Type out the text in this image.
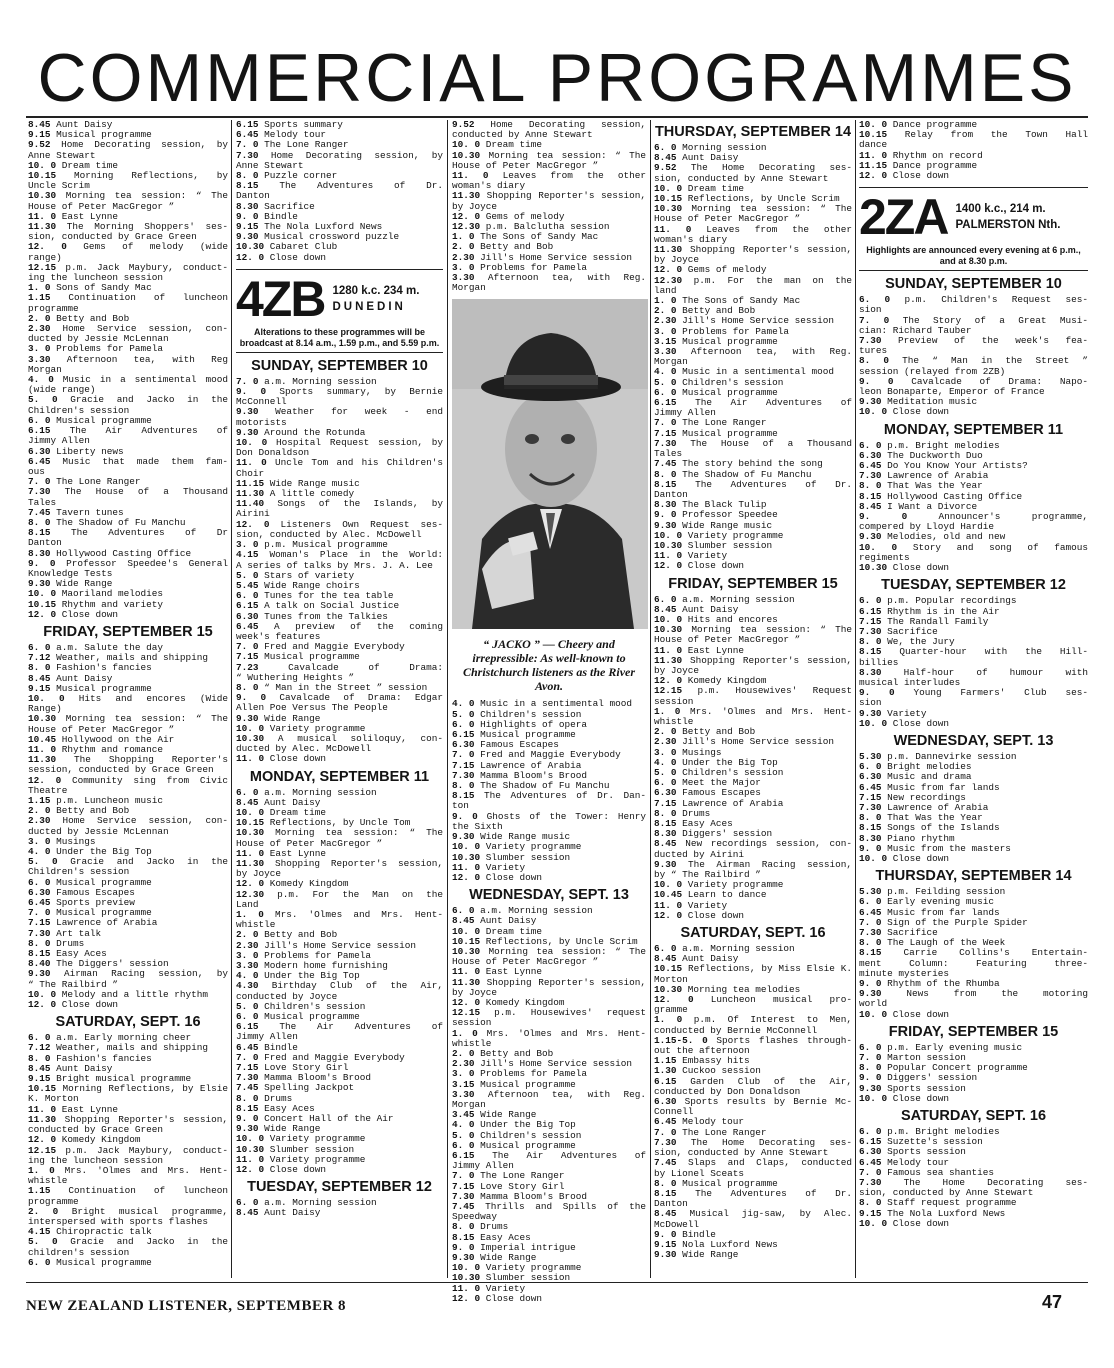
COMMERCIAL PROGRAMMES
8.45 Aunt Daisy
9.15 Musical programme
9.52 Home Decorating session, by
Anne Stewart
10. 0 Dream time
10.15 Morning Reflections, by
Uncle Scrim
10.30 Morning tea session: “ The
House of Peter MacGregor ”
11. 0 East Lynne
11.30 The Morning Shoppers' ses-
sion, conducted by Grace Green
12. 0 Gems of melody (wide
range)
12.15 p.m. Jack Maybury, conduct-
ing the luncheon session
1. 0 Sons of Sandy Mac
1.15 Continuation of luncheon
programme
2. 0 Betty and Bob
2.30 Home Service session, con-
ducted by Jessie McLennan
3. 0 Problems for Pamela
3.30 Afternoon tea, with Reg
Morgan
4. 0 Music in a sentimental mood
(wide range)
5. 0 Gracie and Jacko in the
Children's session
6. 0 Musical programme
6.15 The Air Adventures of
Jimmy Allen
6.30 Liberty news
6.45 Music that made them fam-
ous
7. 0 The Lone Ranger
7.30 The House of a Thousand
Tales
7.45 Tavern tunes
8. 0 The Shadow of Fu Manchu
8.15 The Adventures of Dr
Danton
8.30 Hollywood Casting Office
9. 0 Professor Speedee's General
Knowledge Tests
9.30 Wide Range
10. 0 Maoriland melodies
10.15 Rhythm and variety
12. 0 Close down
FRIDAY, SEPTEMBER 15
6. 0 a.m. Salute the day
7.12 Weather, mails and shipping
8. 0 Fashion's fancies
8.45 Aunt Daisy
9.15 Musical programme
10. 0 Hits and encores (Wide
Range)
10.30 Morning tea session: “ The
House of Peter MacGregor ”
10.45 Hollywood on the Air
11. 0 Rhythm and romance
11.30 The Shopping Reporter's
session, conducted by Grace Green
12. 0 Community sing from Civic
Theatre
1.15 p.m. Luncheon music
2. 0 Betty and Bob
2.30 Home Service session, con-
ducted by Jessie McLennan
3. 0 Musings
4. 0 Under the Big Top
5. 0 Gracie and Jacko in the
Children's session
6. 0 Musical programme
6.30 Famous Escapes
6.45 Sports preview
7. 0 Musical programme
7.15 Lawrence of Arabia
7.30 Art talk
8. 0 Drums
8.15 Easy Aces
8.40 The Diggers' session
9.30 Airman Racing session, by
“ The Railbird ”
10. 0 Melody and a little rhythm
12. 0 Close down
SATURDAY, SEPT. 16
6. 0 a.m. Early morning cheer
7.12 Weather, mails and shipping
8. 0 Fashion's fancies
8.45 Aunt Daisy
9.15 Bright musical programme
10.15 Morning Reflections, by Elsie
K. Morton
11. 0 East Lynne
11.30 Shopping Reporter's session,
conducted by Grace Green
12. 0 Komedy Kingdom
12.15 p.m. Jack Maybury, conduct-
ing the luncheon session
1. 0 Mrs. 'Olmes and Mrs. Hent-
whistle
1.15 Continuation of luncheon
programme
2. 0 Bright musical programme,
interspersed with sports flashes
4.15 Chiropractic talk
5. 0 Gracie and Jacko in the
children's session
6. 0 Musical programme
6.15 Sports summary
6.45 Melody tour
7. 0 The Lone Ranger
7.30 Home Decorating session, by
Anne Stewart
8. 0 Puzzle corner
8.15 The Adventures of Dr.
Danton
8.30 Sacrifice
9. 0 Bindle
9.15 The Nola Luxford News
9.30 Musical crossword puzzle
10.30 Cabaret Club
12. 0 Close down
4ZB 1280 k.c. 234 m.
DUNEDIN
Alterations to these programmes will be broadcast at 8.14 a.m., 1.59 p.m., and 5.59 p.m.
SUNDAY, SEPTEMBER 10
7. 0 a.m. Morning session
9. 0 Sports summary, by Bernie
McConnell
9.30 Weather for week - end
motorists
9.30 Around the Rotunda
10. 0 Hospital Request session, by
Don Donaldson
11. 0 Uncle Tom and his Children's
Choir
11.15 Wide Range music
11.30 A little comedy
11.40 Songs of the Islands, by
Airini
12. 0 Listeners Own Request ses-
sion, conducted by Alec. McDowell
3. 0 p.m. Musical programme
4.15 Woman's Place in the World:
A series of talks by Mrs. J. A. Lee
5. 0 Stars of variety
5.45 Wide Range choirs
6. 0 Tunes for the tea table
6.15 A talk on Social Justice
6.30 Tunes from the Talkies
6.45 A preview of the coming
week's features
7. 0 Fred and Maggie Everybody
7.15 Musical programme
7.23 Cavalcade of Drama:
“ Wuthering Heights ”
8. 0 “ Man in the Street ” session
9. 0 Cavalcade of Drama: Edgar
Allen Poe Versus The People
9.30 Wide Range
10. 0 Variety programme
10.30 A musical soliloquy, con-
ducted by Alec. McDowell
11. 0 Close down
MONDAY, SEPTEMBER 11
6. 0 a.m. Morning session
8.45 Aunt Daisy
10. 0 Dream time
10.15 Reflections, by Uncle Tom
10.30 Morning tea session: “ The
House of Peter MacGregor ”
11. 0 East Lynne
11.30 Shopping Reporter's session,
by Joyce
12. 0 Komedy Kingdom
12.30 p.m. For the Man on the
Land
1. 0 Mrs. 'Olmes and Mrs. Hent-
whistle
2. 0 Betty and Bob
2.30 Jill's Home Service session
3. 0 Problems for Pamela
3.30 Modern home furnishing
4. 0 Under the Big Top
4.30 Birthday Club of the Air,
conducted by Joyce
5. 0 Children's session
6. 0 Musical programme
6.15 The Air Adventures of
Jimmy Allen
6.45 Bindle
7. 0 Fred and Maggie Everybody
7.15 Love Story Girl
7.30 Mamma Bloom's Brood
7.45 Spelling Jackpot
8. 0 Drums
8.15 Easy Aces
9. 0 Concert Hall of the Air
9.30 Wide Range
10. 0 Variety programme
10.30 Slumber session
11. 0 Variety programme
12. 0 Close down
TUESDAY, SEPTEMBER 12
6. 0 a.m. Morning session
8.45 Aunt Daisy
9.52 Home Decorating session,
conducted by Anne Stewart
10. 0 Dream time
10.30 Morning tea session: “ The
House of Peter MacGregor ”
11. 0 Leaves from the other
woman's diary
11.30 Shopping Reporter's session,
by Joyce
12. 0 Gems of melody
12.30 p.m. Balclutha session
1. 0 The Sons of Sandy Mac
2. 0 Betty and Bob
2.30 Jill's Home Service session
3. 0 Problems for Pamela
3.30 Afternoon tea, with Reg.
Morgan
“ JACKO ” — Cheery and irrepressible: As well-known to Christchurch listeners as the River Avon.
4. 0 Music in a sentimental mood
5. 0 Children's session
6. 0 Highlights of opera
6.15 Musical programme
6.30 Famous Escapes
7. 0 Fred and Maggie Everybody
7.15 Lawrence of Arabia
7.30 Mamma Bloom's Brood
8. 0 The Shadow of Fu Manchu
8.15 The Adventures of Dr. Dan-
ton
9. 0 Ghosts of the Tower: Henry
the Sixth
9.30 Wide Range music
10. 0 Variety programme
10.30 Slumber session
11. 0 Variety
12. 0 Close down
WEDNESDAY, SEPT. 13
6. 0 a.m. Morning session
8.45 Aunt Daisy
10. 0 Dream time
10.15 Reflections, by Uncle Scrim
10.30 Morning tea session: “ The
House of Peter MacGregor ”
11. 0 East Lynne
11.30 Shopping Reporter's session,
by Joyce
12. 0 Komedy Kingdom
12.15 p.m. Housewives' request
session
1. 0 Mrs. 'Olmes and Mrs. Hent-
whistle
2. 0 Betty and Bob
2.30 Jill's Home Service session
3. 0 Problems for Pamela
3.15 Musical programme
3.30 Afternoon tea, with Reg.
Morgan
3.45 Wide Range
4. 0 Under the Big Top
5. 0 Children's session
6. 0 Musical programme
6.15 The Air Adventures of
Jimmy Allen
7. 0 The Lone Ranger
7.15 Love Story Girl
7.30 Mamma Bloom's Brood
7.45 Thrills and Spills of the
Speedway
8. 0 Drums
8.15 Easy Aces
9. 0 Imperial intrigue
9.30 Wide Range
10. 0 Variety programme
10.30 Slumber session
11. 0 Variety
12. 0 Close down
THURSDAY, SEPTEMBER 14
6. 0 Morning session
8.45 Aunt Daisy
9.52 The Home Decorating ses-
sion, conducted by Anne Stewart
10. 0 Dream time
10.15 Reflections, by Uncle Scrim
10.30 Morning tea session: “ The
House of Peter MacGregor ”
11. 0 Leaves from the other
woman's diary
11.30 Shopping Reporter's session,
by Joyce
12. 0 Gems of melody
12.30 p.m. For the man on the
land
1. 0 The Sons of Sandy Mac
2. 0 Betty and Bob
2.30 Jill's Home Service session
3. 0 Problems for Pamela
3.15 Musical programme
3.30 Afternoon tea, with Reg.
Morgan
4. 0 Music in a sentimental mood
5. 0 Children's session
6. 0 Musical programme
6.15 The Air Adventures of
Jimmy Allen
7. 0 The Lone Ranger
7.15 Musical programme
7.30 The House of a Thousand
Tales
7.45 The story behind the song
8. 0 The Shadow of Fu Manchu
8.15 The Adventures of Dr.
Danton
8.30 The Black Tulip
9. 0 Professor Speedee
9.30 Wide Range music
10. 0 Variety programme
10.30 Slumber session
11. 0 Variety
12. 0 Close down
FRIDAY, SEPTEMBER 15
6. 0 a.m. Morning session
8.45 Aunt Daisy
10. 0 Hits and encores
10.30 Morning tea session: “ The
House of Peter MacGregor ”
11. 0 East Lynne
11.30 Shopping Reporter's session,
by Joyce
12. 0 Komedy Kingdom
12.15 p.m. Housewives' Request
session
1. 0 Mrs. 'Olmes and Mrs. Hent-
whistle
2. 0 Betty and Bob
2.30 Jill's Home Service session
3. 0 Musings
4. 0 Under the Big Top
5. 0 Children's session
6. 0 Meet the Major
6.30 Famous Escapes
7.15 Lawrence of Arabia
8. 0 Drums
8.15 Easy Aces
8.30 Diggers' session
8.45 New recordings session, con-
ducted by Airini
9.30 The Airman Racing session,
by “ The Railbird ”
10. 0 Variety programme
10.45 Learn to dance
11. 0 Variety
12. 0 Close down
SATURDAY, SEPT. 16
6. 0 a.m. Morning session
8.45 Aunt Daisy
10.15 Reflections, by Miss Elsie K.
Morton
10.30 Morning tea melodies
12. 0 Luncheon musical pro-
gramme
1. 0 p.m. Of Interest to Men,
conducted by Bernie McConnell
1.15-5. 0 Sports flashes through-
out the afternoon
1.15 Embassy hits
1.30 Cuckoo session
6.15 Garden Club of the Air,
conducted by Don Donaldson
6.30 Sports results by Bernie Mc-
Connell
6.45 Melody tour
7. 0 The Lone Ranger
7.30 The Home Decorating ses-
sion, conducted by Anne Stewart
7.45 Slaps and Claps, conducted
by Lionel Sceats
8. 0 Musical programme
8.15 The Adventures of Dr.
Danton
8.45 Musical jig-saw, by Alec.
McDowell
9. 0 Bindle
9.15 Nola Luxford News
9.30 Wide Range
10. 0 Dance programme
10.15 Relay from the Town Hall
dance
11. 0 Rhythm on record
11.15 Dance programme
12. 0 Close down
2ZA 1400 k.c., 214 m.
PALMERSTON Nth.
Highlights are announced every evening at 6 p.m., and at 8.30 p.m.
SUNDAY, SEPTEMBER 10
6. 0 p.m. Children's Request ses-
sion
7. 0 The Story of a Great Musi-
cian: Richard Tauber
7.30 Preview of the week's fea-
tures
8. 0 The “ Man in the Street ”
session (relayed from 2ZB)
9. 0 Cavalcade of Drama: Napo-
leon Bonaparte, Emperor of France
9.30 Meditation music
10. 0 Close down
MONDAY, SEPTEMBER 11
6. 0 p.m. Bright melodies
6.30 The Duckworth Duo
6.45 Do You Know Your Artists?
7.30 Lawrence of Arabia
8. 0 That Was the Year
8.15 Hollywood Casting Office
8.45 I Want a Divorce
9. 0 Announcer's programme,
compered by Lloyd Hardie
9.30 Melodies, old and new
10. 0 Story and song of famous
regiments
10.30 Close down
TUESDAY, SEPTEMBER 12
6. 0 p.m. Popular recordings
6.15 Rhythm is in the Air
7.15 The Randall Family
7.30 Sacrifice
8. 0 We, the Jury
8.15 Quarter-hour with the Hill-
billies
8.30 Half-hour of humour with
musical interludes
9. 0 Young Farmers' Club ses-
sion
9.30 Variety
10. 0 Close down
WEDNESDAY, SEPT. 13
5.30 p.m. Dannevirke session
6. 0 Bright melodies
6.30 Music and drama
6.45 Music from far lands
7.15 New recordings
7.30 Lawrence of Arabia
8. 0 That Was the Year
8.15 Songs of the Islands
8.30 Piano rhythm
9. 0 Music from the masters
10. 0 Close down
THURSDAY, SEPTEMBER 14
5.30 p.m. Feilding session
6. 0 Early evening music
6.45 Music from far lands
7. 0 Sign of the Purple Spider
7.30 Sacrifice
8. 0 The Laugh of the Week
8.15 Carrie Collins's Entertain-
ment Column: Featuring three-
minute mysteries
9. 0 Rhythm of the Rhumba
9.30 News from the motoring
world
10. 0 Close down
FRIDAY, SEPTEMBER 15
6. 0 p.m. Early evening music
7. 0 Marton session
8. 0 Popular Concert programme
9. 0 Diggers' session
9.30 Sports session
10. 0 Close down
SATURDAY, SEPT. 16
6. 0 p.m. Bright melodies
6.15 Suzette's session
6.30 Sports session
6.45 Melody tour
7. 0 Famous sea shanties
7.30 The Home Decorating ses-
sion, conducted by Anne Stewart
8. 0 Staff request programme
9.15 The Nola Luxford News
10. 0 Close down
NEW ZEALAND LISTENER, SEPTEMBER 8	47
